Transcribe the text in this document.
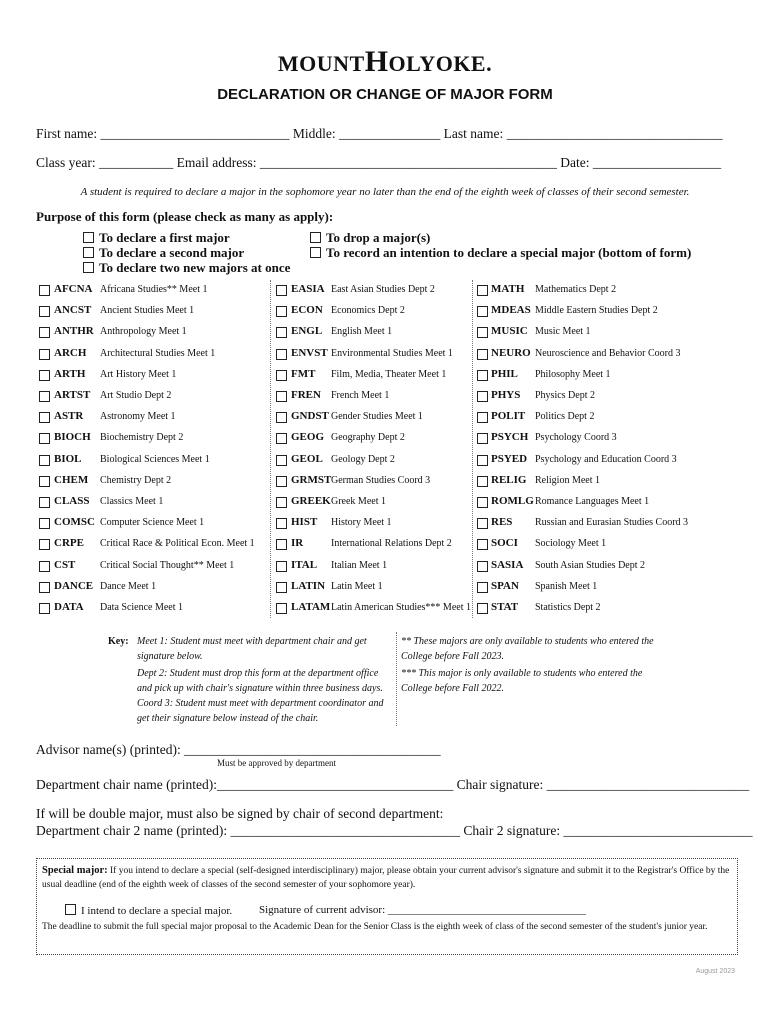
MOUNTHOLYOKE.
DECLARATION OR CHANGE OF MAJOR FORM
First name: ____________________________ Middle: _______________ Last name: ________________________________
Class year: ___________ Email address: ____________________________________________ Date: ___________________
A student is required to declare a major in the sophomore year no later than the end of the eighth week of classes of their second semester.
Purpose of this form (please check as many as apply):
To declare a first major
To declare a second major
To declare two new majors at once
To drop a major(s)
To record an intention to declare a special major (bottom of form)
AFCNA Africana Studies** Meet 1
ANCST Ancient Studies Meet 1
ANTHR Anthropology Meet 1
ARCH Architectural Studies Meet 1
ARTH Art History Meet 1
ARTST Art Studio Dept 2
ASTR Astronomy Meet 1
BIOCH Biochemistry Dept 2
BIOL Biological Sciences Meet 1
CHEM Chemistry Dept 2
CLASS Classics Meet 1
COMSC Computer Science Meet 1
CRPE Critical Race & Political Econ. Meet 1
CST Critical Social Thought** Meet 1
DANCE Dance Meet 1
DATA Data Science Meet 1
EASIA East Asian Studies Dept 2
ECON Economics Dept 2
ENGL English Meet 1
ENVST Environmental Studies Meet 1
FMT Film, Media, Theater Meet 1
FREN French Meet 1
GNDST Gender Studies Meet 1
GEOG Geography Dept 2
GEOL Geology Dept 2
GRMST German Studies Coord 3
GREEK Greek Meet 1
HIST History Meet 1
IR	International Relations Dept 2
ITAL Italian Meet 1
LATIN Latin Meet 1
LATAM Latin American Studies*** Meet 1
MATH Mathematics Dept 2
MDEAS Middle Eastern Studies Dept 2
MUSIC Music Meet 1
NEURO Neuroscience and Behavior Coord 3
PHIL Philosophy Meet 1
PHYS Physics Dept 2
POLIT Politics Dept 2
PSYCH Psychology Coord 3
PSYED Psychology and Education Coord 3
RELIG Religion Meet 1
ROMLG Romance Languages Meet 1
RES Russian and Eurasian Studies Coord 3
SOCI Sociology Meet 1
SASIA South Asian Studies Dept 2
SPAN Spanish Meet 1
STAT Statistics Dept 2
Key: Meet 1: Student must meet with department chair and get signature below.
Dept 2: Student must drop this form at the department office and pick up with chair's signature within three business days.
Coord 3: Student must meet with department coordinator and get their signature below instead of the chair.
** These majors are only available to students who entered the College before Fall 2023.
*** This major is only available to students who entered the College before Fall 2022.
Advisor name(s) (printed): ______________________________________
Must be approved by department
Department chair name (printed):___________________________________ Chair signature: ______________________________
If will be double major, must also be signed by chair of second department:
Department chair 2 name (printed): __________________________________ Chair 2 signature: ____________________________
Special major: If you intend to declare a special (self-designed interdisciplinary) major, please obtain your current advisor's signature and submit it to the Registrar's Office by the usual deadline (end of the eighth week of classes of the second semester of your sophomore year).
I intend to declare a special major. Signature of current advisor: ____________________________________
The deadline to submit the full special major proposal to the Academic Dean for the Senior Class is the eighth week of class of the second semester of the student's junior year.
August 2023
